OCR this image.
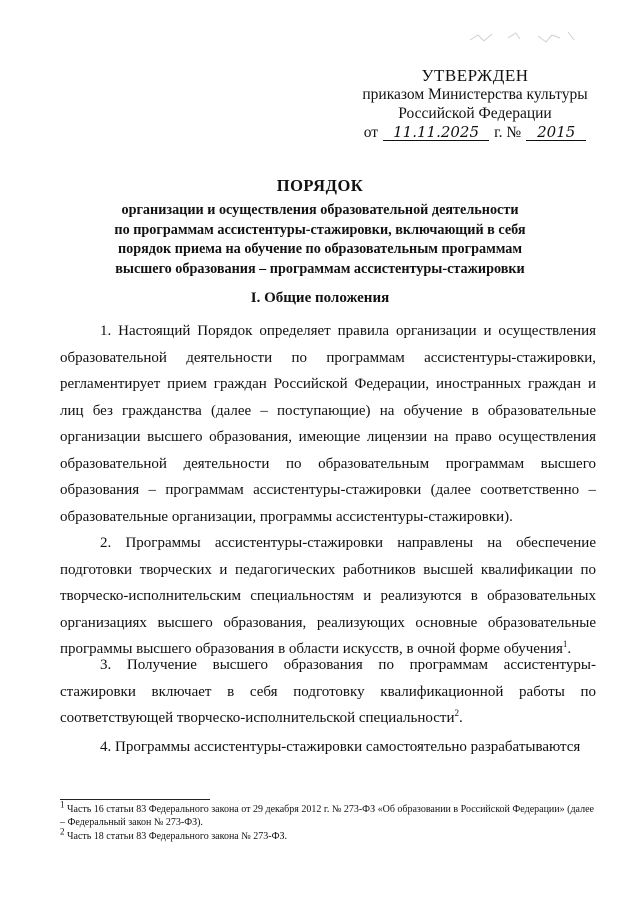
УТВЕРЖДЕН
приказом Министерства культуры
Российской Федерации
от	11.11.2025 г. №	2015
ПОРЯДОК
организации и осуществления образовательной деятельности
по программам ассистентуры-стажировки, включающий в себя
порядок приема на обучение по образовательным программам
высшего образования – программам ассистентуры-стажировки
I. Общие положения

1. Настоящий Порядок определяет правила организации и осуществления образовательной деятельности по программам ассистентуры-стажировки, регламентирует прием граждан Российской Федерации, иностранных граждан и лиц без гражданства (далее – поступающие) на обучение в образовательные организации высшего образования, имеющие лицензии на право осуществления образовательной деятельности по образовательным программам высшего образования – программам ассистентуры-стажировки (далее соответственно – образовательные организации, программы ассистентуры-стажировки).

2. Программы ассистентуры-стажировки направлены на обеспечение подготовки творческих и педагогических работников высшей квалификации по творческо-исполнительским специальностям и реализуются в образовательных организациях высшего образования, реализующих основные образовательные программы высшего образования в области искусств, в очной форме обучения$^1$.

3. Получение высшего образования по программам ассистентуры-стажировки включает в себя подготовку квалификационной работы по соответствующей творческо-исполнительской специальности$^2$.

4. Программы ассистентуры-стажировки самостоятельно разрабатываются

$^1$ Часть 16 статьи 83 Федерального закона от 29 декабря 2012 г. № 273-ФЗ «Об образовании в Российской Федерации» (далее – Федеральный закон № 273-ФЗ).

$^2$ Часть 18 статьи 83 Федерального закона № 273-ФЗ.
